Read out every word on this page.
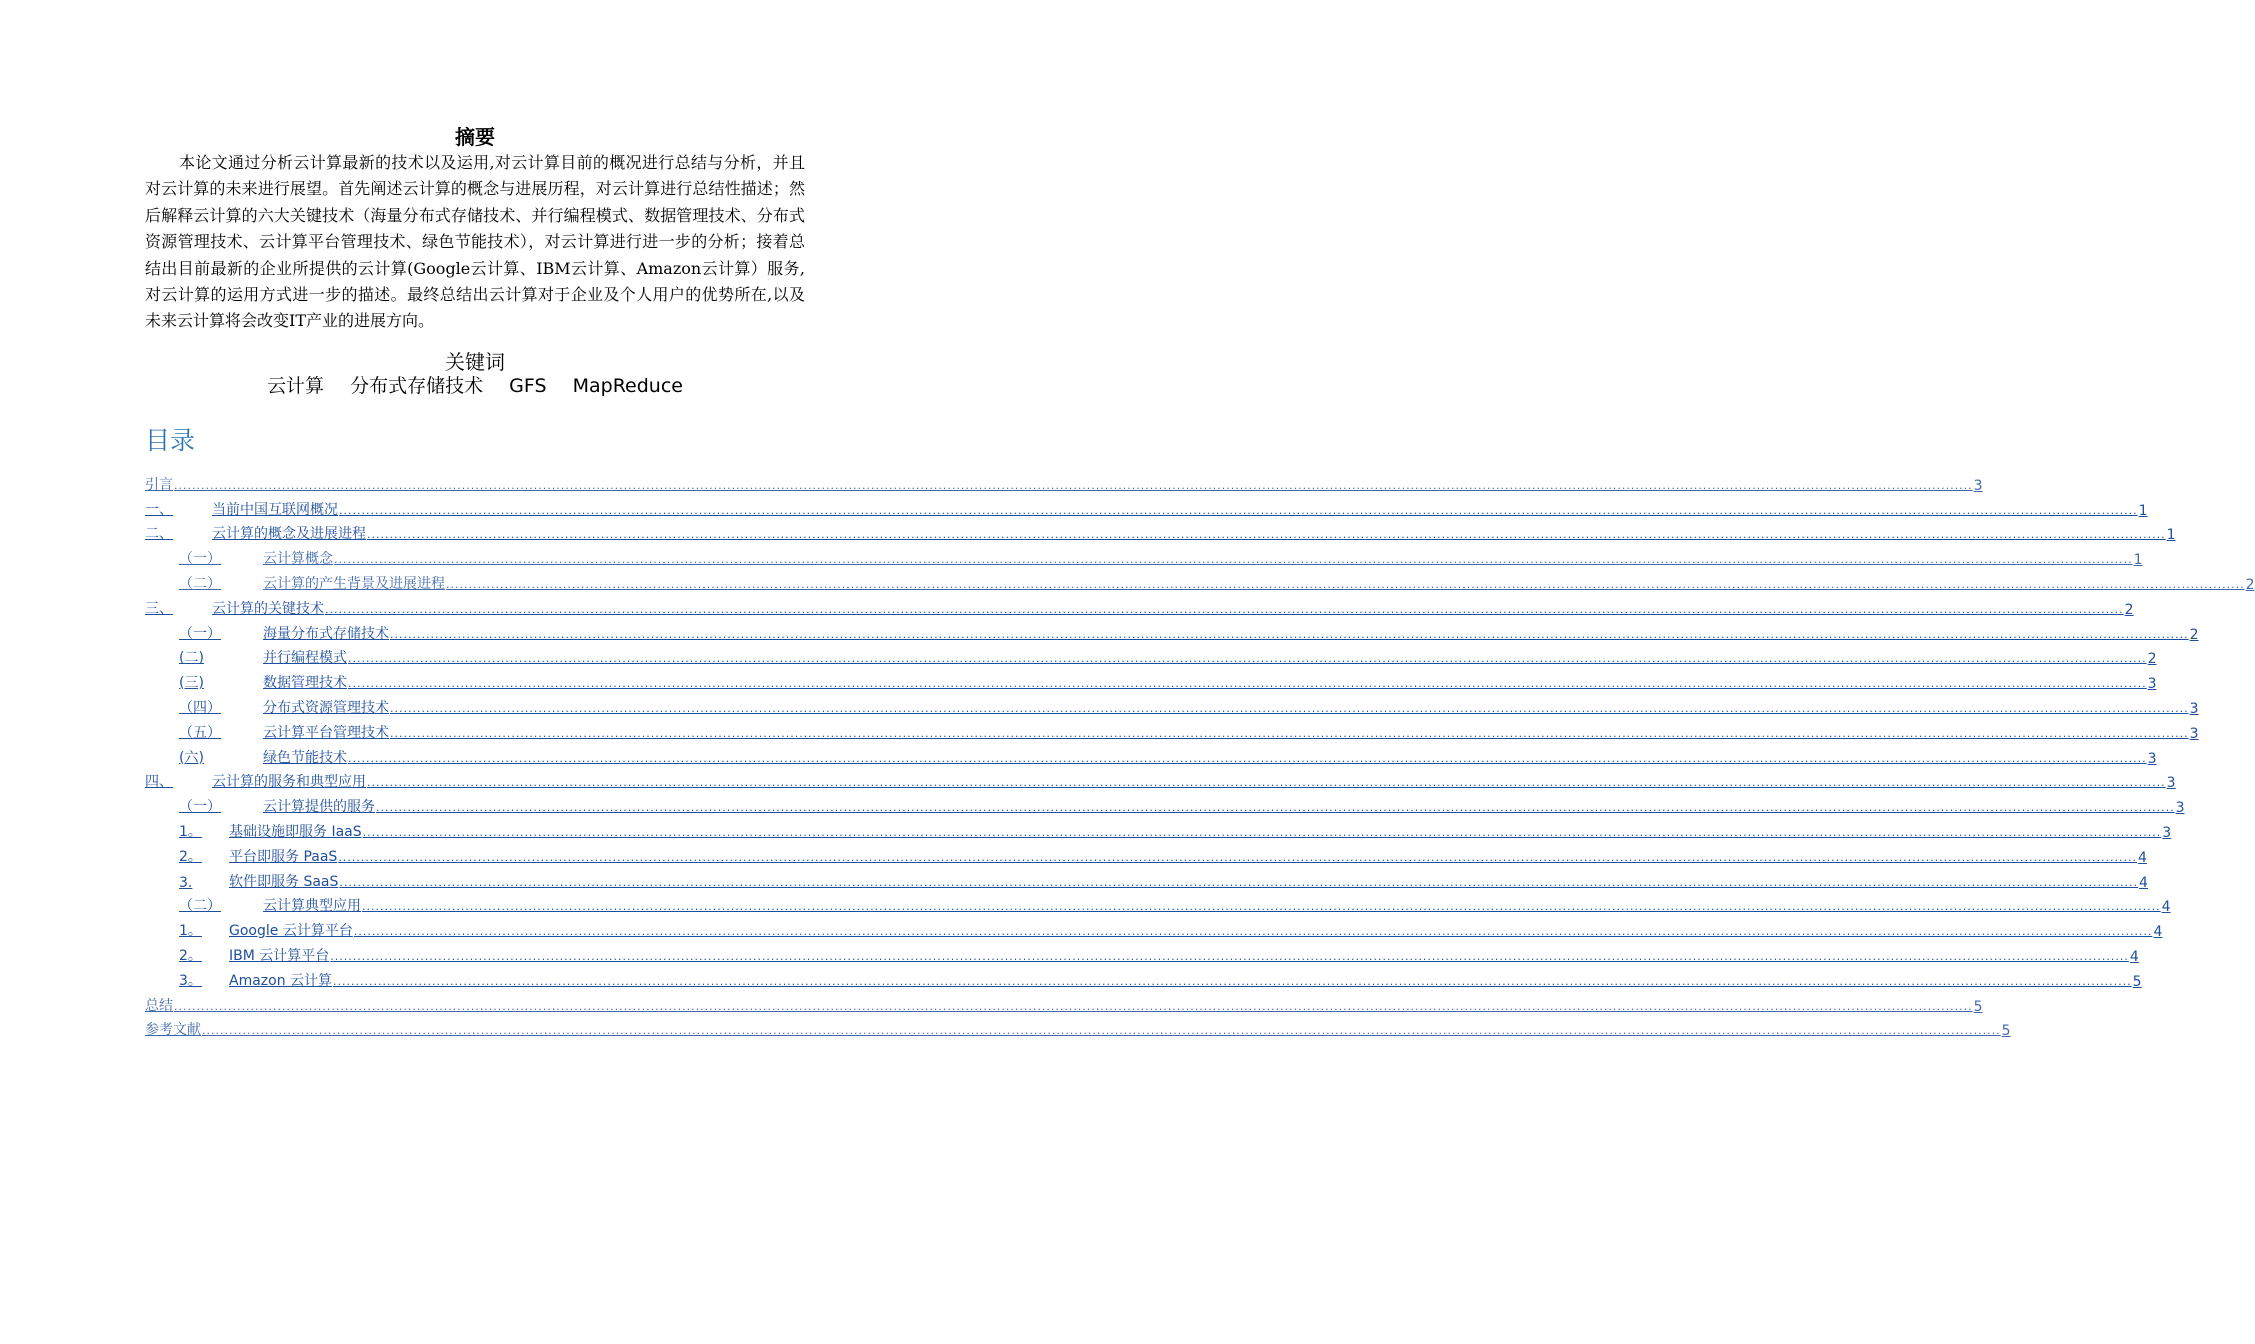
摘要

本论文通过分析云计算最新的技术以及运用,对云计算目前的概况进行总结与分析，并且对云计算的未来进行展望。首先阐述云计算的概念与进展历程，对云计算进行总结性描述；然后解释云计算的六大关键技术（海量分布式存储技术、并行编程模式、数据管理技术、分布式资源管理技术、云计算平台管理技术、绿色节能技术），对云计算进行进一步的分析；接着总结出目前最新的企业所提供的云计算(Google云计算、IBM云计算、Amazon云计算）服务,对云计算的运用方式进一步的描述。最终总结出云计算对于企业及个人用户的优势所在,以及未来云计算将会改变IT产业的进展方向。

关键词
云计算 分布式存储技术 GFS MapReduce
目录
引言 ................................................................................................................................................................................................................................................................................................................................................................................................................ 3
一、	当前中国互联网概况 ................................................................................................................................................................................................................................................................................................................................................................................................................ 1
二、	云计算的概念及进展进程 ................................................................................................................................................................................................................................................................................................................................................................................................................ 1
（一）	云计算概念 ................................................................................................................................................................................................................................................................................................................................................................................................................ 1
（二）	云计算的产生背景及进展进程 ................................................................................................................................................................................................................................................................................................................................................................................................................ 2
三、	云计算的关键技术 ................................................................................................................................................................................................................................................................................................................................................................................................................ 2
（一）	海量分布式存储技术 ................................................................................................................................................................................................................................................................................................................................................................................................................ 2
(二)	并行编程模式 ................................................................................................................................................................................................................................................................................................................................................................................................................ 2
(三)	数据管理技术 ................................................................................................................................................................................................................................................................................................................................................................................................................ 3
（四）	分布式资源管理技术 ................................................................................................................................................................................................................................................................................................................................................................................................................ 3
（五）	云计算平台管理技术 ................................................................................................................................................................................................................................................................................................................................................................................................................ 3
(六)	绿色节能技术 ................................................................................................................................................................................................................................................................................................................................................................................................................ 3
四、	云计算的服务和典型应用 ................................................................................................................................................................................................................................................................................................................................................................................................................ 3
（一）	云计算提供的服务 ................................................................................................................................................................................................................................................................................................................................................................................................................ 3
1。	基础设施即服务 IaaS ................................................................................................................................................................................................................................................................................................................................................................................................................ 3
2。	平台即服务 PaaS ................................................................................................................................................................................................................................................................................................................................................................................................................ 4
3.	软件即服务 SaaS ................................................................................................................................................................................................................................................................................................................................................................................................................ 4
（二）	云计算典型应用 ................................................................................................................................................................................................................................................................................................................................................................................................................ 4
1。	Google 云计算平台 ................................................................................................................................................................................................................................................................................................................................................................................................................ 4
2。	IBM 云计算平台 ................................................................................................................................................................................................................................................................................................................................................................................................................ 4
3。	Amazon 云计算 ................................................................................................................................................................................................................................................................................................................................................................................................................ 5
总结 ................................................................................................................................................................................................................................................................................................................................................................................................................ 5
参考文献 ................................................................................................................................................................................................................................................................................................................................................................................................................ 5
